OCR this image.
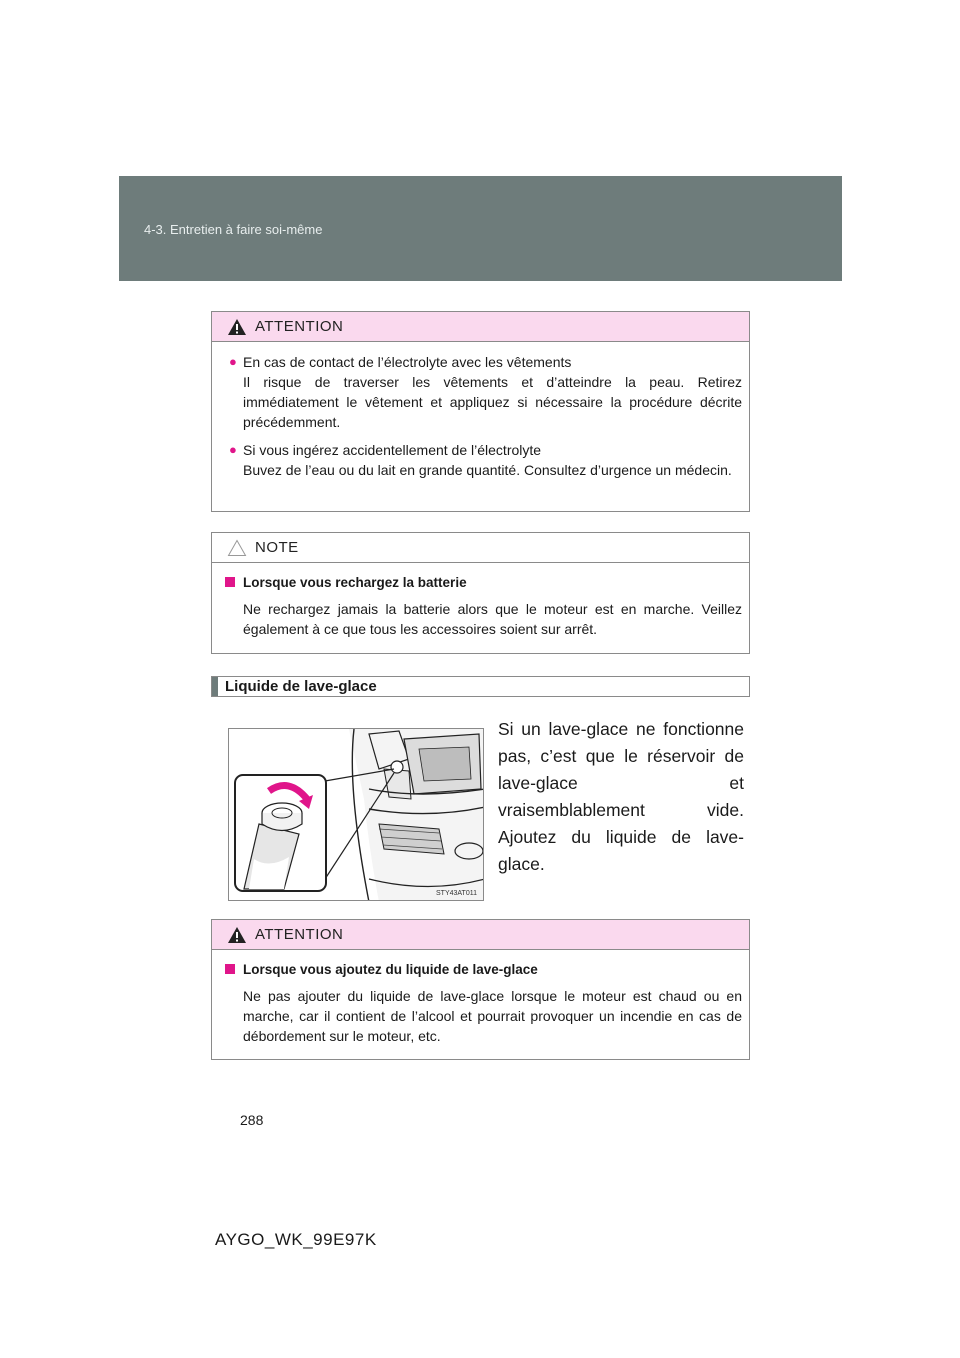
4-3. Entretien à faire soi-même
ATTENTION
● En cas de contact de l’électrolyte avec les vêtements
Il risque de traverser les vêtements et d’atteindre la peau. Retirez immédiatement le vêtement et appliquez si nécessaire la procédure décrite précédemment.

● Si vous ingérez accidentellement de l’électrolyte
Buvez de l’eau ou du lait en grande quantité. Consultez d’urgence un médecin.

NOTE
Lorsque vous rechargez la batterie

Ne rechargez jamais la batterie alors que le moteur est en marche. Veillez également à ce que tous les accessoires soient sur arrêt.

Liquide de lave-glace
STY43AT011
Si un lave-glace ne fonctionne pas, c’est que le réservoir de lave-glace et vraisemblablement vide. Ajoutez du liquide de lave-glace.
ATTENTION
Lorsque vous ajoutez du liquide de lave-glace

Ne pas ajouter du liquide de lave-glace lorsque le moteur est chaud ou en marche, car il contient de l’alcool et pourrait provoquer un incendie en cas de débordement sur le moteur, etc.

288
AYGO_WK_99E97K
